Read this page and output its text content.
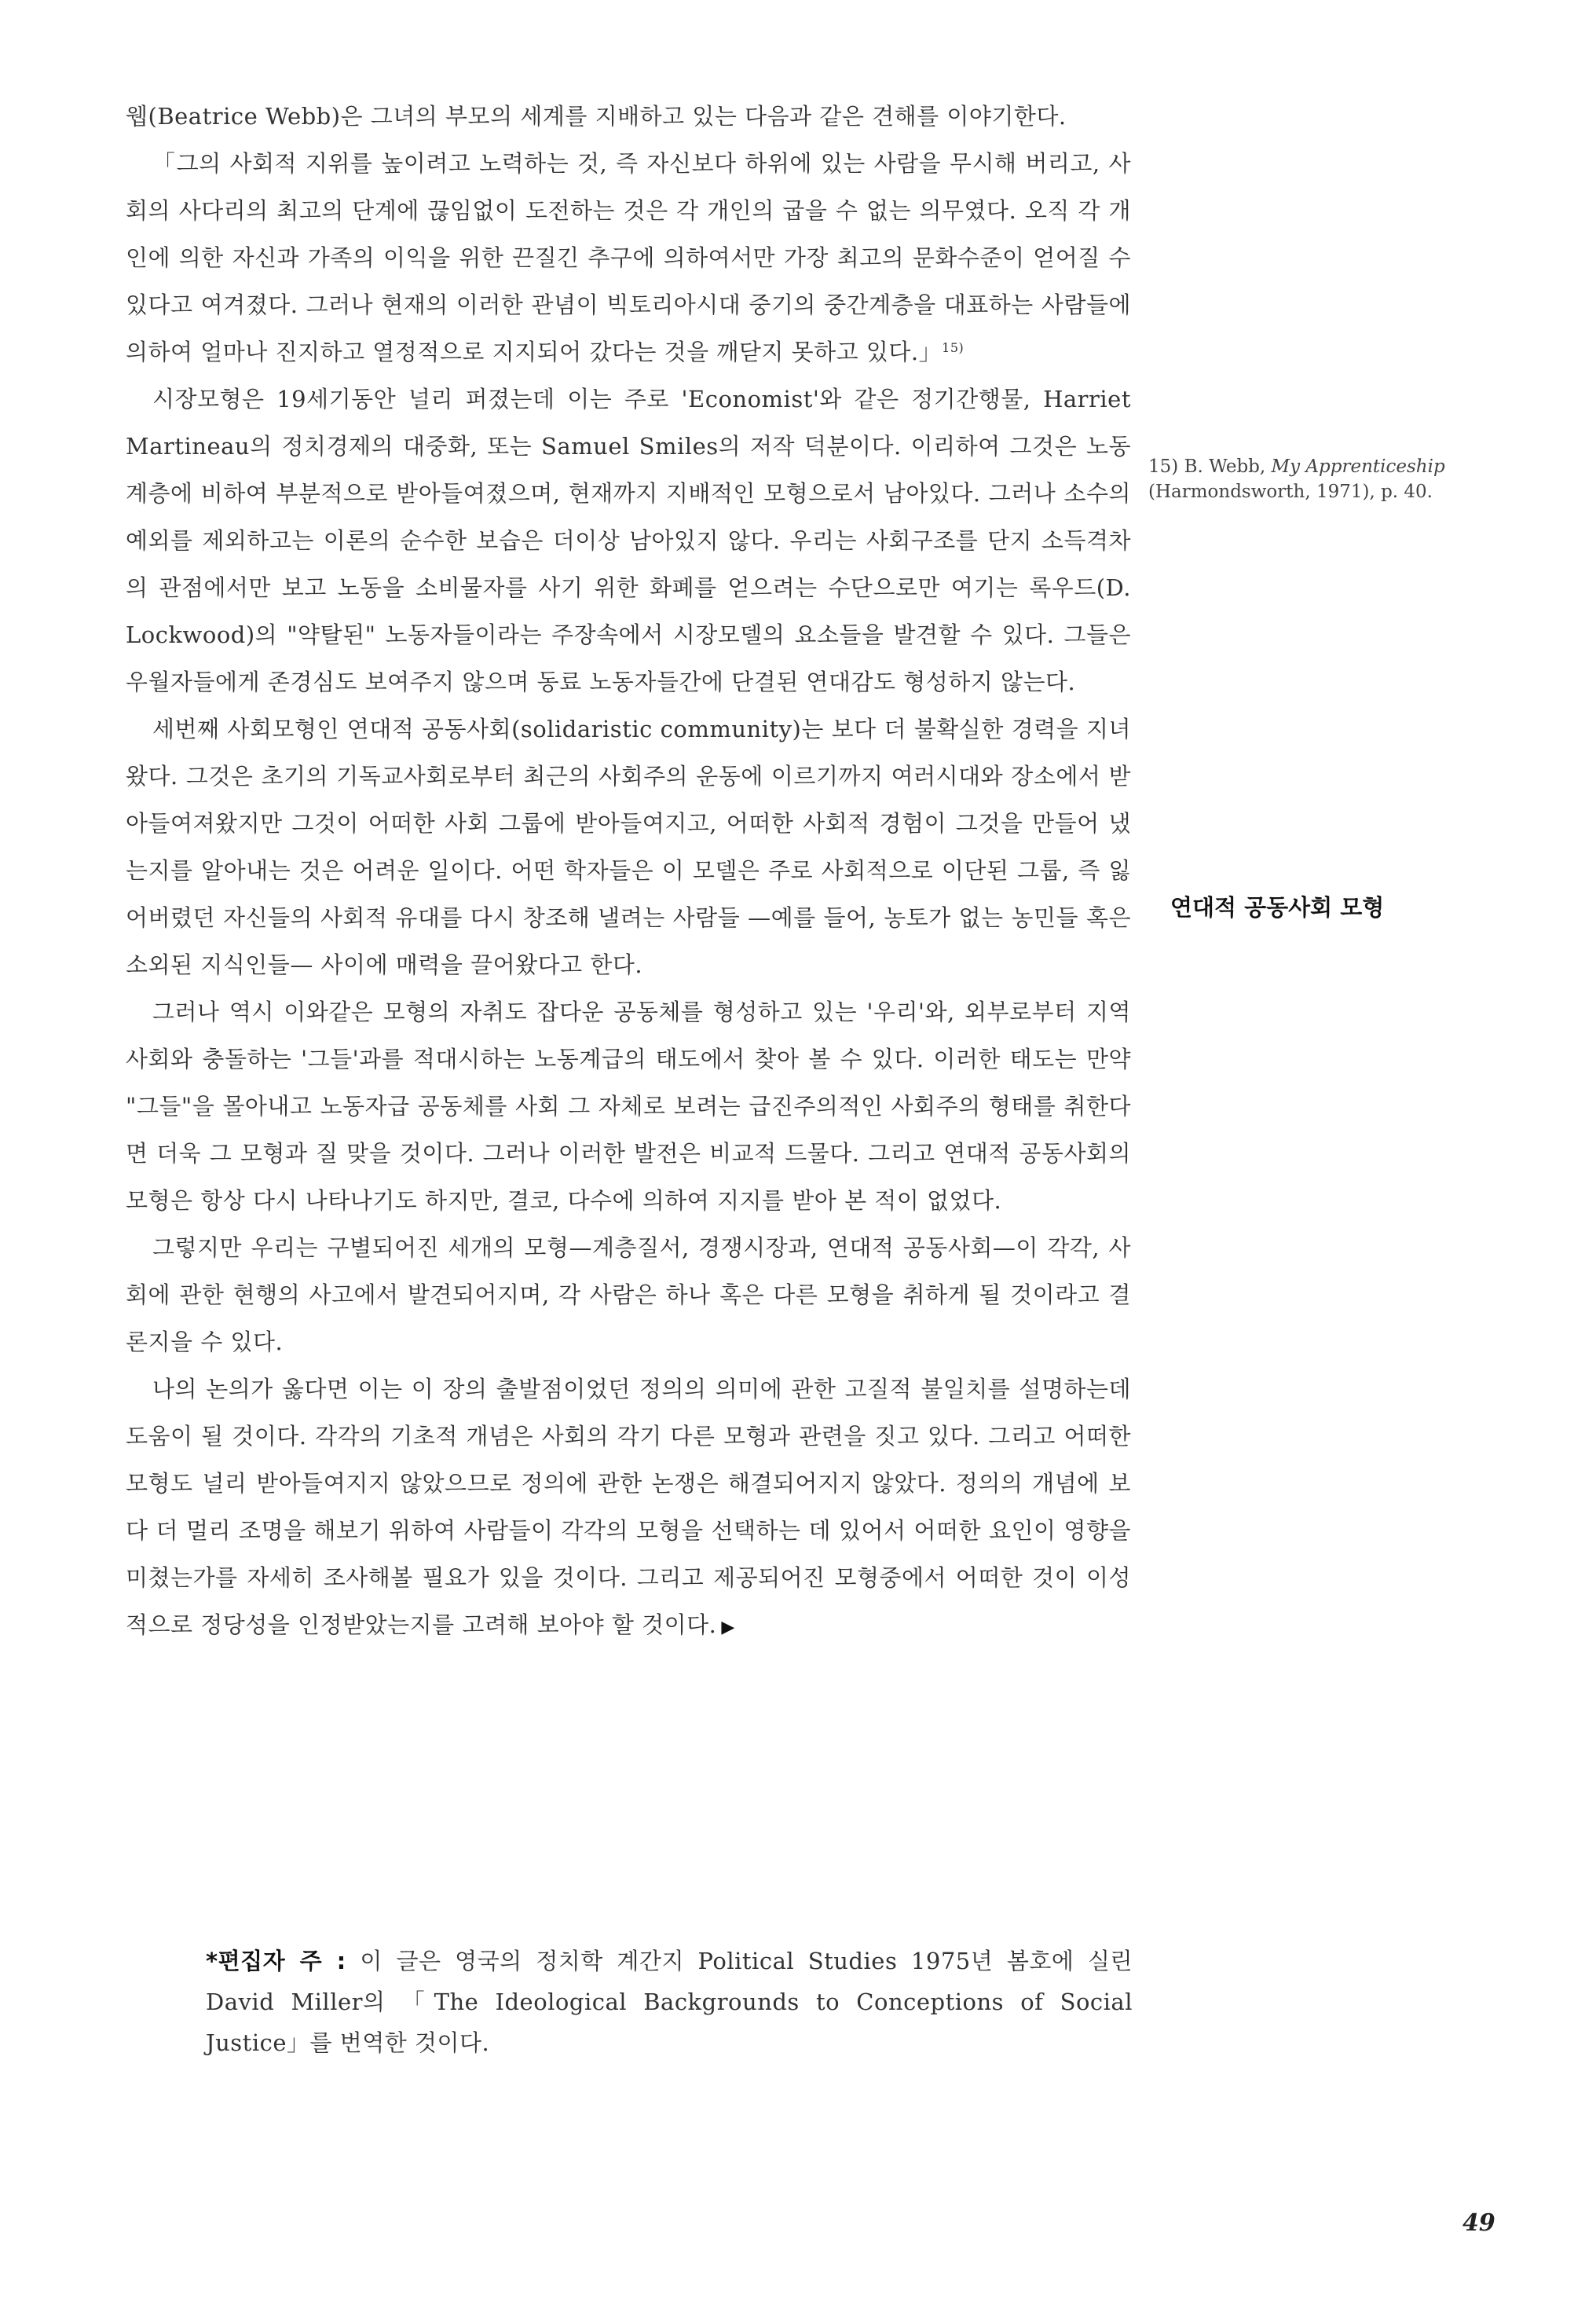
웹(Beatrice Webb)은 그녀의 부모의 세계를 지배하고 있는 다음과 같은 견해를 이야기한다.

「그의 사회적 지위를 높이려고 노력하는 것, 즉 자신보다 하위에 있는 사람을 무시해 버리고, 사회의 사다리의 최고의 단계에 끊임없이 도전하는 것은 각 개인의 굽을 수 없는 의무였다. 오직 각 개인에 의한 자신과 가족의 이익을 위한 끈질긴 추구에 의하여서만 가장 최고의 문화수준이 얻어질 수 있다고 여겨졌다. 그러나 현재의 이러한 관념이 빅토리아시대 중기의 중간계층을 대표하는 사람들에 의하여 얼마나 진지하고 열정적으로 지지되어 갔다는 것을 깨닫지 못하고 있다.」$^{15)}$

시장모형은 19세기동안 널리 퍼졌는데 이는 주로 'Economist'와 같은 정기간행물, Harriet Martineau의 정치경제의 대중화, 또는 Samuel Smiles의 저작 덕분이다. 이리하여 그것은 노동계층에 비하여 부분적으로 받아들여졌으며, 현재까지 지배적인 모형으로서 남아있다. 그러나 소수의 예외를 제외하고는 이론의 순수한 보습은 더이상 남아있지 않다. 우리는 사회구조를 단지 소득격차의 관점에서만 보고 노동을 소비물자를 사기 위한 화폐를 얻으려는 수단으로만 여기는 록우드(D. Lockwood)의 "약탈된" 노동자들이라는 주장속에서 시장모델의 요소들을 발견할 수 있다. 그들은 우월자들에게 존경심도 보여주지 않으며 동료 노동자들간에 단결된 연대감도 형성하지 않는다.

세번째 사회모형인 연대적 공동사회(solidaristic community)는 보다 더 불확실한 경력을 지녀왔다. 그것은 초기의 기독교사회로부터 최근의 사회주의 운동에 이르기까지 여러시대와 장소에서 받아들여져왔지만 그것이 어떠한 사회 그룹에 받아들여지고, 어떠한 사회적 경험이 그것을 만들어 냈는지를 알아내는 것은 어려운 일이다. 어떤 학자들은 이 모델은 주로 사회적으로 이단된 그룹, 즉 잃어버렸던 자신들의 사회적 유대를 다시 창조해 낼려는 사람들 —예를 들어, 농토가 없는 농민들 혹은 소외된 지식인들— 사이에 매력을 끌어왔다고 한다.

그러나 역시 이와같은 모형의 자취도 잡다운 공동체를 형성하고 있는 '우리'와, 외부로부터 지역 사회와 충돌하는 '그들'과를 적대시하는 노동계급의 태도에서 찾아 볼 수 있다. 이러한 태도는 만약 "그들"을 몰아내고 노동자급 공동체를 사회 그 자체로 보려는 급진주의적인 사회주의 형태를 취한다면 더욱 그 모형과 질 맞을 것이다. 그러나 이러한 발전은 비교적 드물다. 그리고 연대적 공동사회의 모형은 항상 다시 나타나기도 하지만, 결코, 다수에 의하여 지지를 받아 본 적이 없었다.

그렇지만 우리는 구별되어진 세개의 모형—계층질서, 경쟁시장과, 연대적 공동사회—이 각각, 사회에 관한 현행의 사고에서 발견되어지며, 각 사람은 하나 혹은 다른 모형을 취하게 될 것이라고 결론지을 수 있다.

나의 논의가 옳다면 이는 이 장의 출발점이었던 정의의 의미에 관한 고질적 불일치를 설명하는데 도움이 될 것이다. 각각의 기초적 개념은 사회의 각기 다른 모형과 관련을 짓고 있다. 그리고 어떠한 모형도 널리 받아들여지지 않았으므로 정의에 관한 논쟁은 해결되어지지 않았다. 정의의 개념에 보다 더 멀리 조명을 해보기 위하여 사람들이 각각의 모형을 선택하는 데 있어서 어떠한 요인이 영향을 미쳤는가를 자세히 조사해볼 필요가 있을 것이다. 그리고 제공되어진 모형중에서 어떠한 것이 이성적으로 정당성을 인정받았는지를 고려해 보아야 할 것이다. ▶

15) B. Webb, My Apprenticeship (Harmondsworth, 1971), p. 40.
연대적 공동사회 모형
*편집자 주 : 이 글은 영국의 정치학 계간지 Political Studies 1975년 봄호에 실린 David Miller의 「The Ideological Backgrounds to Conceptions of Social Justice」를 번역한 것이다.
49
